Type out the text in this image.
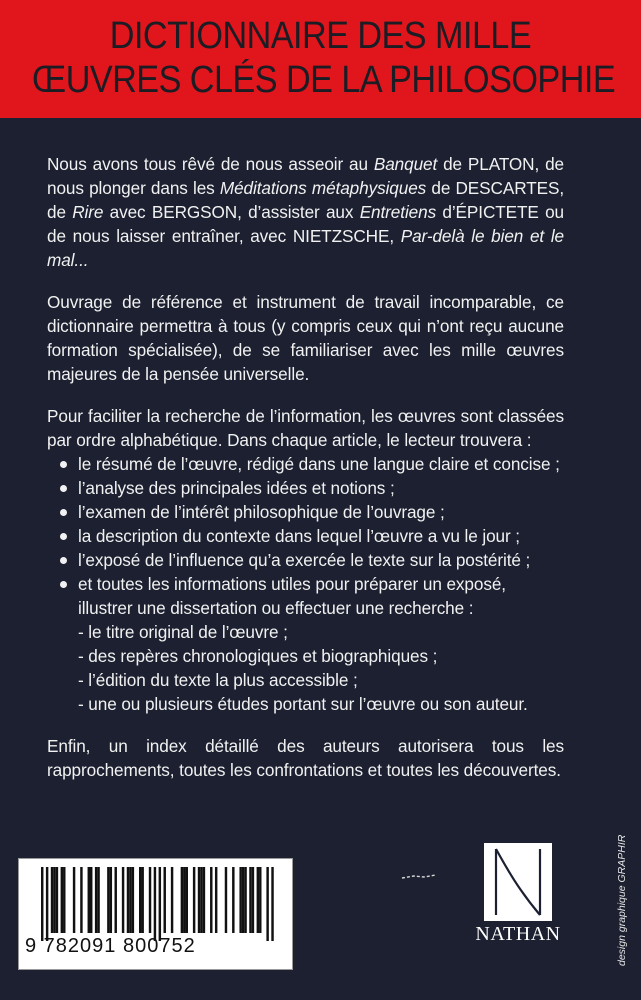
DICTIONNAIRE DES MILLE
ŒUVRES CLÉS DE LA PHILOSOPHIE

Nous avons tous rêvé de nous asseoir au Banquet de PLATON, de nous plonger dans les Méditations métaphysiques de DESCARTES, de Rire avec BERGSON, d’assister aux Entretiens d’ÉPICTETE ou de nous laisser entraîner, avec NIETZSCHE, Par-delà le bien et le mal...

Ouvrage de référence et instrument de travail incomparable, ce dictionnaire permettra à tous (y compris ceux qui n’ont reçu aucune formation spécialisée), de se familiariser avec les mille œuvres majeures de la pensée universelle.

Pour faciliter la recherche de l’information, les œuvres sont classées par ordre alphabétique. Dans chaque article, le lecteur trouvera :

le résumé de l’œuvre, rédigé dans une langue claire et concise ;
l’analyse des principales idées et notions ;
l’examen de l’intérêt philosophique de l’ouvrage ;
la description du contexte dans lequel l’œuvre a vu le jour ;
l’exposé de l’influence qu’a exercée le texte sur la postérité ;
et toutes les informations utiles pour préparer un exposé, illustrer une dissertation ou effectuer une recherche :
- le titre original de l’œuvre ;
- des repères chronologiques et biographiques ;
- l’édition du texte la plus accessible ;
- une ou plusieurs études portant sur l’œuvre ou son auteur.

Enfin, un index détaillé des auteurs autorisera tous les rapprochements, toutes les confrontations et toutes les découvertes.

9 782091 800752
NATHAN	design graphique GRAPHIR
